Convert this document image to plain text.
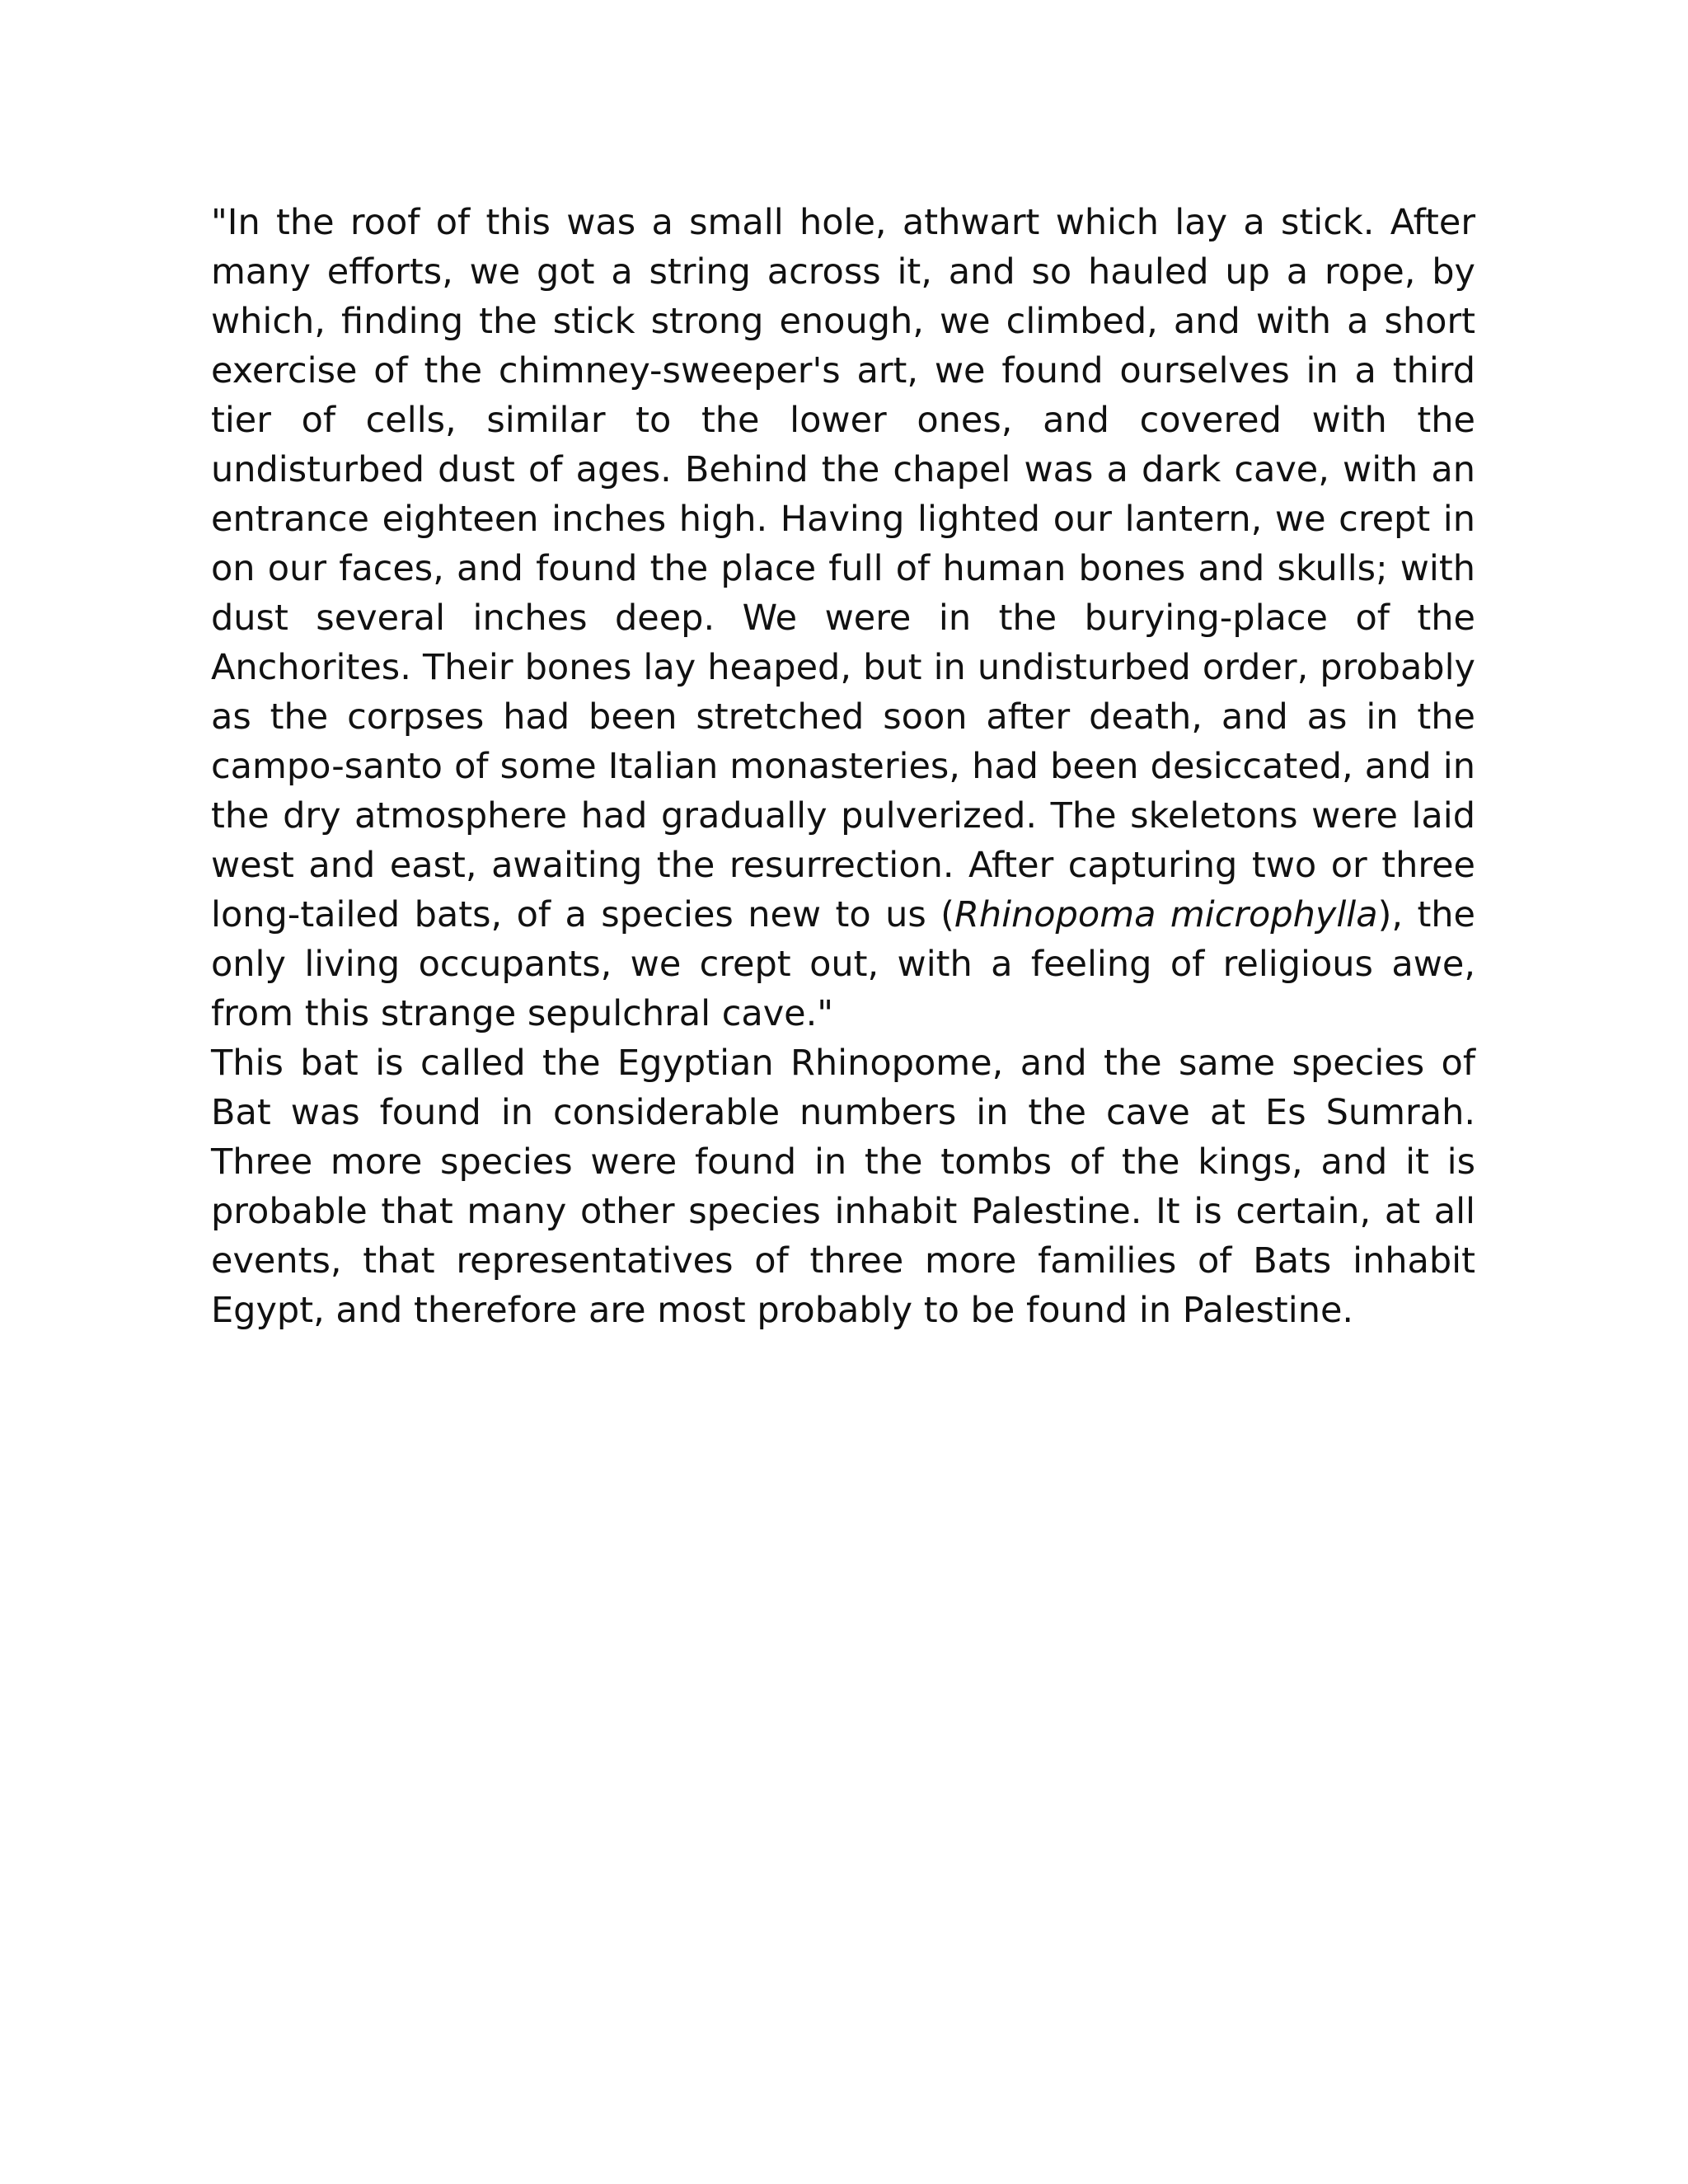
"In the roof of this was a small hole, athwart which lay a stick. After many efforts, we got a string across it, and so hauled up a rope, by which, finding the stick strong enough, we climbed, and with a short exercise of the chimney-sweeper's art, we found ourselves in a third tier of cells, similar to the lower ones, and covered with the undisturbed dust of ages. Behind the chapel was a dark cave, with an entrance eighteen inches high. Having lighted our lantern, we crept in on our faces, and found the place full of human bones and skulls; with dust several inches deep. We were in the burying-place of the Anchorites. Their bones lay heaped, but in undisturbed order, probably as the corpses had been stretched soon after death, and as in the campo-santo of some Italian monasteries, had been desiccated, and in the dry atmosphere had gradually pulverized. The skeletons were laid west and east, awaiting the resurrection. After capturing two or three long-tailed bats, of a species new to us (Rhinopoma microphylla), the only living occupants, we crept out, with a feeling of religious awe, from this strange sepulchral cave."

This bat is called the Egyptian Rhinopome, and the same species of Bat was found in considerable numbers in the cave at Es Sumrah. Three more species were found in the tombs of the kings, and it is probable that many other species inhabit Palestine. It is certain, at all events, that representatives of three more families of Bats inhabit Egypt, and therefore are most probably to be found in Palestine.
